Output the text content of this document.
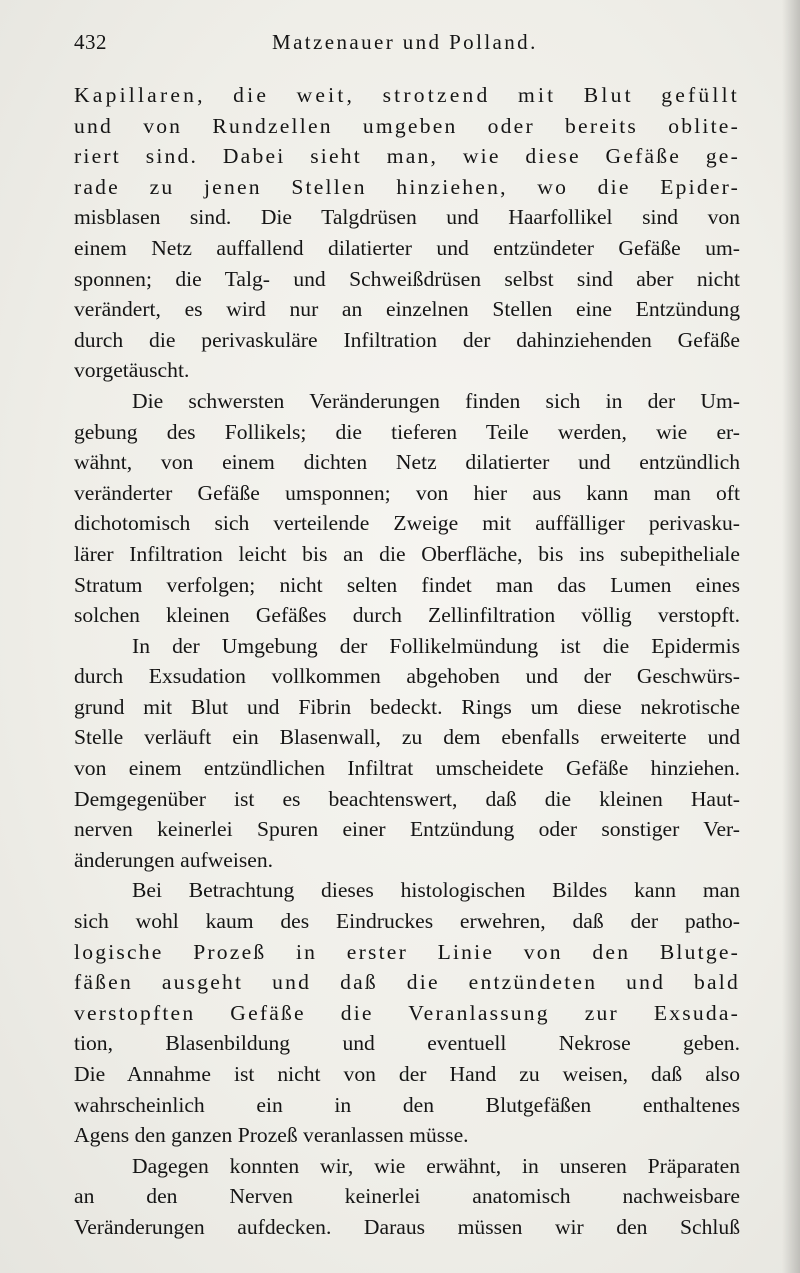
432	Matzenauer und Polland.
Kapillaren, die weit, strotzend mit Blut gefüllt
und von Rundzellen umgeben oder bereits oblite-
riert sind. Dabei sieht man, wie diese Gefäße ge-
rade zu jenen Stellen hinziehen, wo die Epider-
misblasen sind. Die Talgdrüsen und Haarfollikel sind von
einem Netz auffallend dilatierter und entzündeter Gefäße um-
sponnen; die Talg- und Schweißdrüsen selbst sind aber nicht
verändert, es wird nur an einzelnen Stellen eine Entzündung
durch die perivaskuläre Infiltration der dahinziehenden Gefäße
vorgetäuscht.
Die schwersten Veränderungen finden sich in der Um-
gebung des Follikels; die tieferen Teile werden, wie er-
wähnt, von einem dichten Netz dilatierter und entzündlich
veränderter Gefäße umsponnen; von hier aus kann man oft
dichotomisch sich verteilende Zweige mit auffälliger perivasku-
lärer Infiltration leicht bis an die Oberfläche, bis ins subepitheliale
Stratum verfolgen; nicht selten findet man das Lumen eines
solchen kleinen Gefäßes durch Zellinfiltration völlig verstopft.
In der Umgebung der Follikelmündung ist die Epidermis
durch Exsudation vollkommen abgehoben und der Geschwürs-
grund mit Blut und Fibrin bedeckt. Rings um diese nekrotische
Stelle verläuft ein Blasenwall, zu dem ebenfalls erweiterte und
von einem entzündlichen Infiltrat umscheidete Gefäße hinziehen.
Demgegenüber ist es beachtenswert, daß die kleinen Haut-
nerven keinerlei Spuren einer Entzündung oder sonstiger Ver-
änderungen aufweisen.
Bei Betrachtung dieses histologischen Bildes kann man
sich wohl kaum des Eindruckes erwehren, daß der patho-
logische Prozeß in erster Linie von den Blutge-
fäßen ausgeht und daß die entzündeten und bald
verstopften Gefäße die Veranlassung zur Exsuda-
tion, Blasenbildung und eventuell Nekrose geben.
Die Annahme ist nicht von der Hand zu weisen, daß also
wahrscheinlich ein in den Blutgefäßen enthaltenes
Agens den ganzen Prozeß veranlassen müsse.
Dagegen konnten wir, wie erwähnt, in unseren Präparaten
an den Nerven keinerlei anatomisch nachweisbare
Veränderungen aufdecken. Daraus müssen wir den Schluß
